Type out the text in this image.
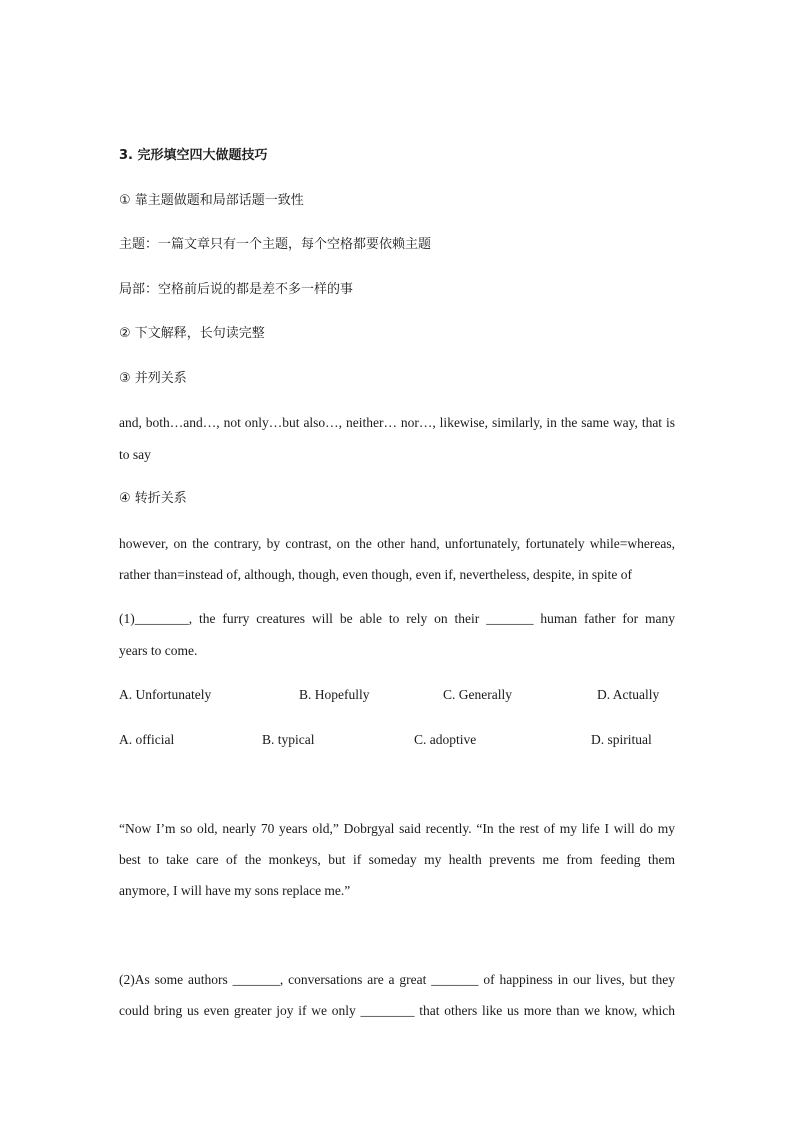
3. 完形填空四大做题技巧
① 靠主题做题和局部话题一致性
主题：一篇文章只有一个主题，每个空格都要依赖主题
局部：空格前后说的都是差不多一样的事
② 下文解释，长句读完整
③ 并列关系
and, both…and…, not only…but also…, neither… nor…, likewise, similarly, in the same way, that is
to say
④ 转折关系
however, on the contrary, by contrast, on the other hand, unfortunately, fortunately while=whereas,
rather than=instead of, although, though, even though, even if, nevertheless, despite, in spite of
(1)________, the furry creatures will be able to rely on their _______ human father for many
years to come.
A. Unfortunately	B. Hopefully	C. Generally	D. Actually
A. official	B. typical	C. adoptive	D. spiritual
“Now I’m so old, nearly 70 years old,” Dobrgyal said recently. “In the rest of my life I will do my
best to take care of the monkeys, but if someday my health prevents me from feeding them
anymore, I will have my sons replace me.”
(2)As some authors _______, conversations are a great _______ of happiness in our lives, but they
could bring us even greater joy if we only ________ that others like us more than we know, which
